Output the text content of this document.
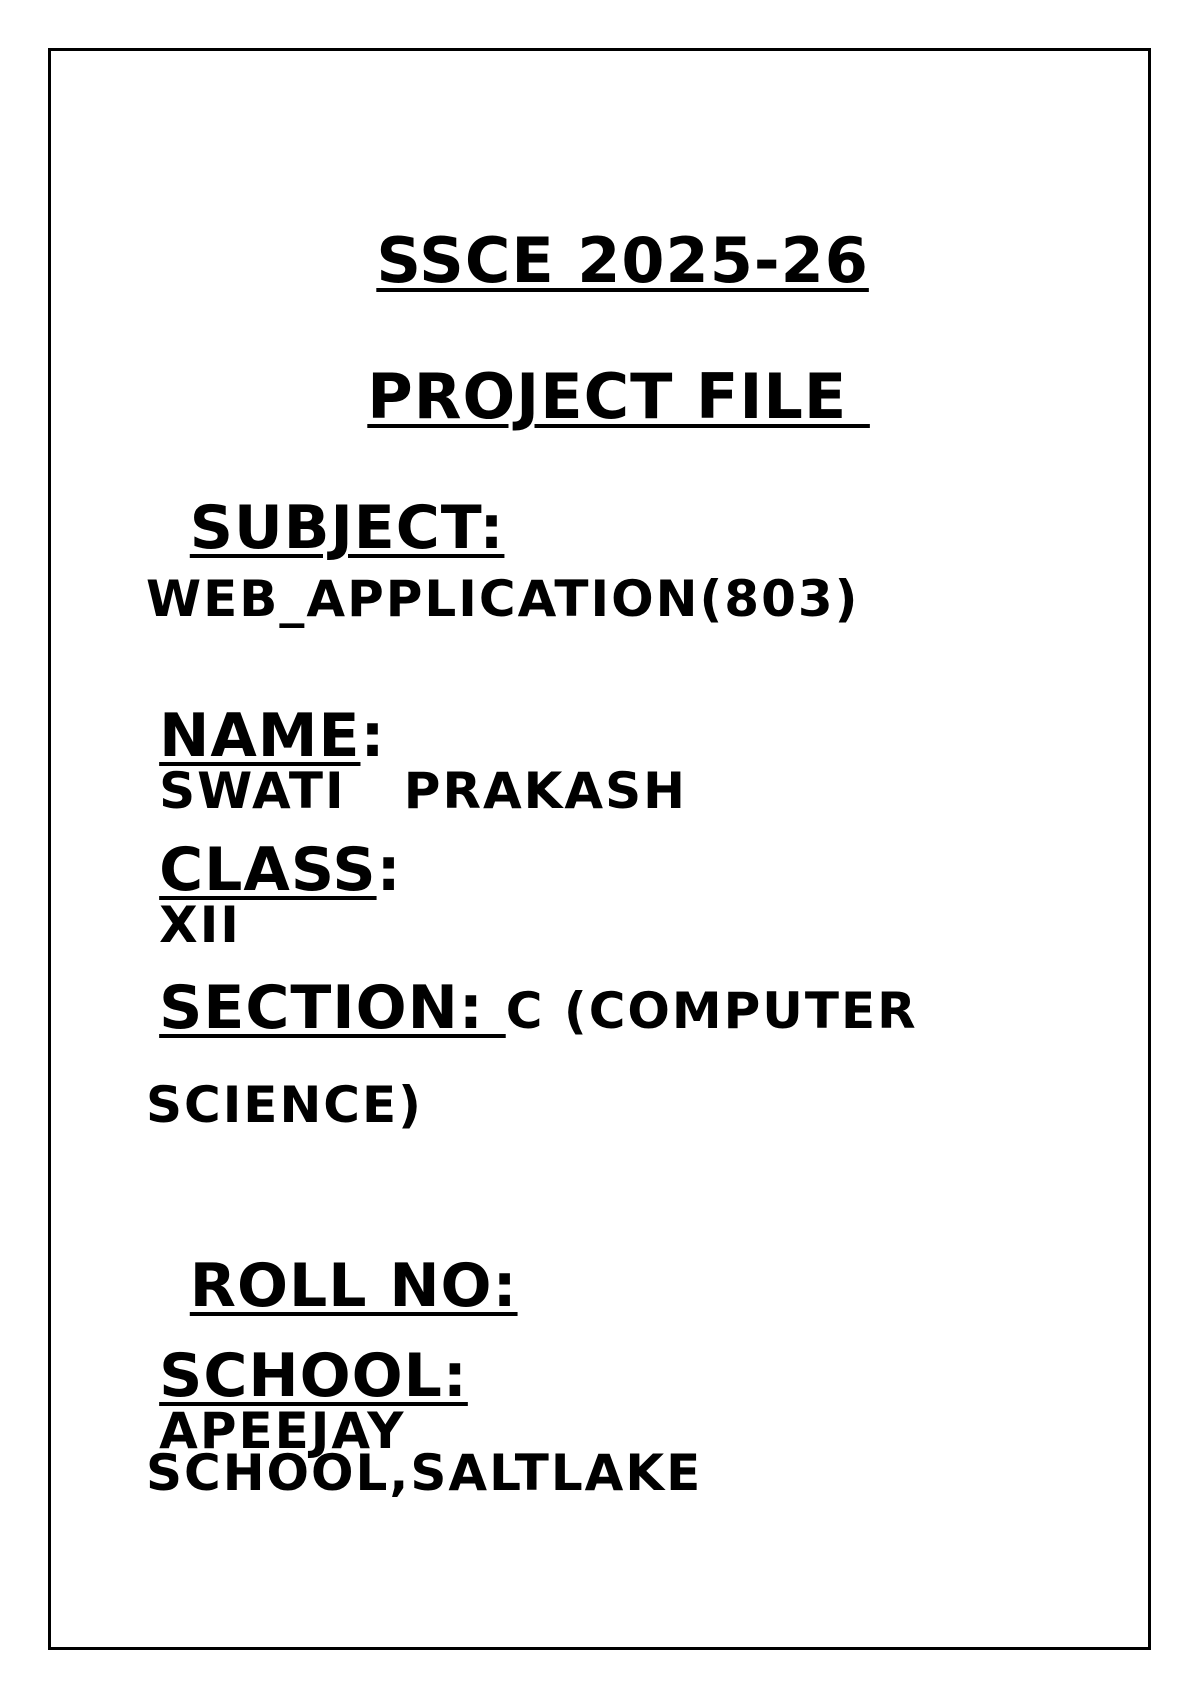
SSCE 2025-26

PROJECT FILE

SUBJECT:

WEB_APPLICATION(803)

NAME:
SWATI   PRAKASH

CLASS:
XII

SECTION: C (COMPUTER

SCIENCE)

ROLL NO:

SCHOOL:
APEEJAY

SCHOOL,SALTLAKE
